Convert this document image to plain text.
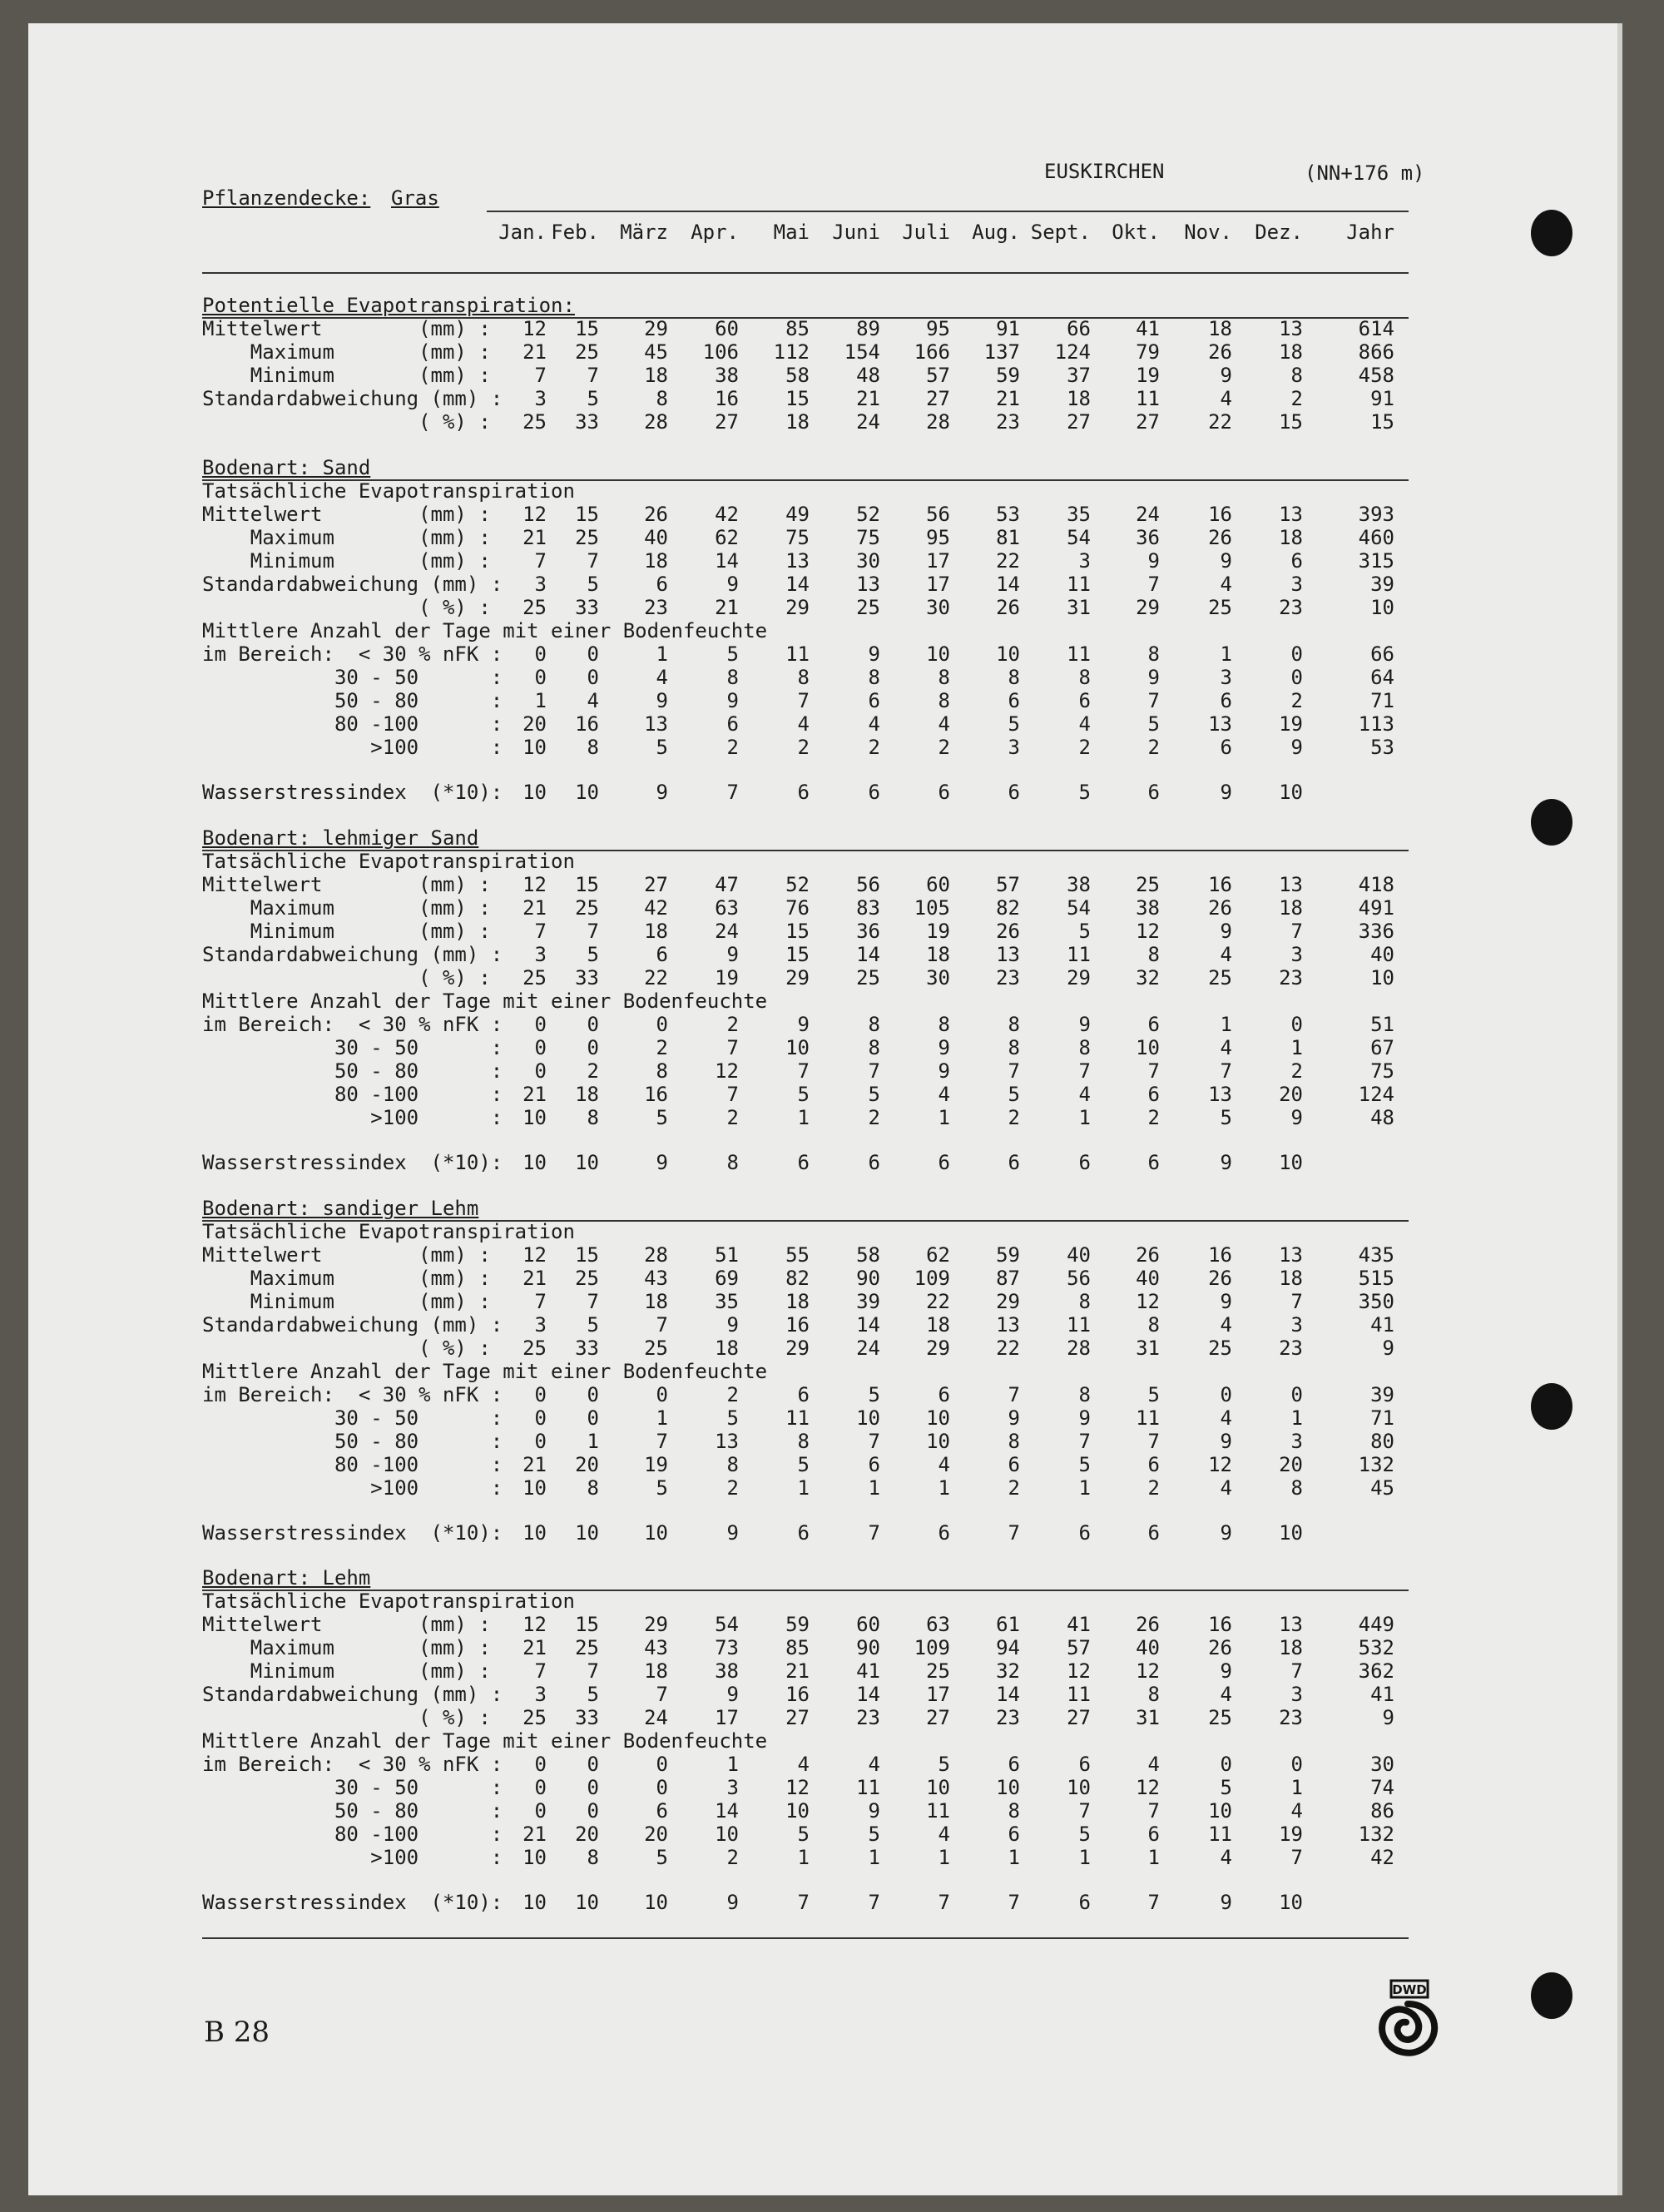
EUSKIRCHEN	(NN+176 m)
Pflanzendecke: Gras
Jan. Feb.	März	Apr.	Mai	Juni	Juli	Aug. Sept.	Okt.	Nov.	Dez.	Jahr
Potentielle Evapotranspiration:
Mittelwert        (mm) :	12	15	29	60	85	89	95	91	66	41	18	13	614
Maximum       (mm) :	21	25	45	106	112	154	166	137	124	79	26	18	866
Minimum       (mm) :	7	7	18	38	58	48	57	59	37	19	9	8	458
Standardabweichung (mm) :	3	5	8	16	15	21	27	21	18	11	4	2	91
( %) :	25	33	28	27	18	24	28	23	27	27	22	15	15
Bodenart: Sand
Tatsächliche Evapotranspiration
Mittelwert        (mm) :	12	15	26	42	49	52	56	53	35	24	16	13	393
Maximum       (mm) :	21	25	40	62	75	75	95	81	54	36	26	18	460
Minimum       (mm) :	7	7	18	14	13	30	17	22	3	9	9	6	315
Standardabweichung (mm) :	3	5	6	9	14	13	17	14	11	7	4	3	39
( %) :	25	33	23	21	29	25	30	26	31	29	25	23	10
Mittlere Anzahl der Tage mit einer Bodenfeuchte
im Bereich:  < 30 % nFK :	0	0	1	5	11	9	10	10	11	8	1	0	66
30 - 50      :	0	0	4	8	8	8	8	8	8	9	3	0	64
50 - 80      :	1	4	9	9	7	6	8	6	6	7	6	2	71
80 -100      : 20	16	13	6	4	4	4	5	4	5	13	19	113
>100      : 10	8	5	2	2	2	2	3	2	2	6	9	53
Wasserstressindex  (*10): 10	10	9	7	6	6	6	6	5	6	9	10
Bodenart: lehmiger Sand
Tatsächliche Evapotranspiration
Mittelwert        (mm) :	12	15	27	47	52	56	60	57	38	25	16	13	418
Maximum       (mm) :	21	25	42	63	76	83	105	82	54	38	26	18	491
Minimum       (mm) :	7	7	18	24	15	36	19	26	5	12	9	7	336
Standardabweichung (mm) :	3	5	6	9	15	14	18	13	11	8	4	3	40
( %) :	25	33	22	19	29	25	30	23	29	32	25	23	10
Mittlere Anzahl der Tage mit einer Bodenfeuchte
im Bereich:  < 30 % nFK :	0	0	0	2	9	8	8	8	9	6	1	0	51
30 - 50      :	0	0	2	7	10	8	9	8	8	10	4	1	67
50 - 80      :	0	2	8	12	7	7	9	7	7	7	7	2	75
80 -100      : 21	18	16	7	5	5	4	5	4	6	13	20	124
>100      : 10	8	5	2	1	2	1	2	1	2	5	9	48
Wasserstressindex  (*10): 10	10	9	8	6	6	6	6	6	6	9	10
Bodenart: sandiger Lehm
Tatsächliche Evapotranspiration
Mittelwert        (mm) :	12	15	28	51	55	58	62	59	40	26	16	13	435
Maximum       (mm) :	21	25	43	69	82	90	109	87	56	40	26	18	515
Minimum       (mm) :	7	7	18	35	18	39	22	29	8	12	9	7	350
Standardabweichung (mm) :	3	5	7	9	16	14	18	13	11	8	4	3	41
( %) :	25	33	25	18	29	24	29	22	28	31	25	23	9
Mittlere Anzahl der Tage mit einer Bodenfeuchte
im Bereich:  < 30 % nFK :	0	0	0	2	6	5	6	7	8	5	0	0	39
30 - 50      :	0	0	1	5	11	10	10	9	9	11	4	1	71
50 - 80      :	0	1	7	13	8	7	10	8	7	7	9	3	80
80 -100      : 21	20	19	8	5	6	4	6	5	6	12	20	132
>100      : 10	8	5	2	1	1	1	2	1	2	4	8	45
Wasserstressindex  (*10): 10	10	10	9	6	7	6	7	6	6	9	10
Bodenart: Lehm
Tatsächliche Evapotranspiration
Mittelwert        (mm) :	12	15	29	54	59	60	63	61	41	26	16	13	449
Maximum       (mm) :	21	25	43	73	85	90	109	94	57	40	26	18	532
Minimum       (mm) :	7	7	18	38	21	41	25	32	12	12	9	7	362
Standardabweichung (mm) :	3	5	7	9	16	14	17	14	11	8	4	3	41
( %) :	25	33	24	17	27	23	27	23	27	31	25	23	9
Mittlere Anzahl der Tage mit einer Bodenfeuchte
im Bereich:  < 30 % nFK :	0	0	0	1	4	4	5	6	6	4	0	0	30
30 - 50      :	0	0	0	3	12	11	10	10	10	12	5	1	74
50 - 80      :	0	0	6	14	10	9	11	8	7	7	10	4	86
80 -100      : 21	20	20	10	5	5	4	6	5	6	11	19	132
>100      : 10	8	5	2	1	1	1	1	1	1	4	7	42
Wasserstressindex  (*10): 10	10	10	9	7	7	7	7	6	7	9	10
B 28
DWD
